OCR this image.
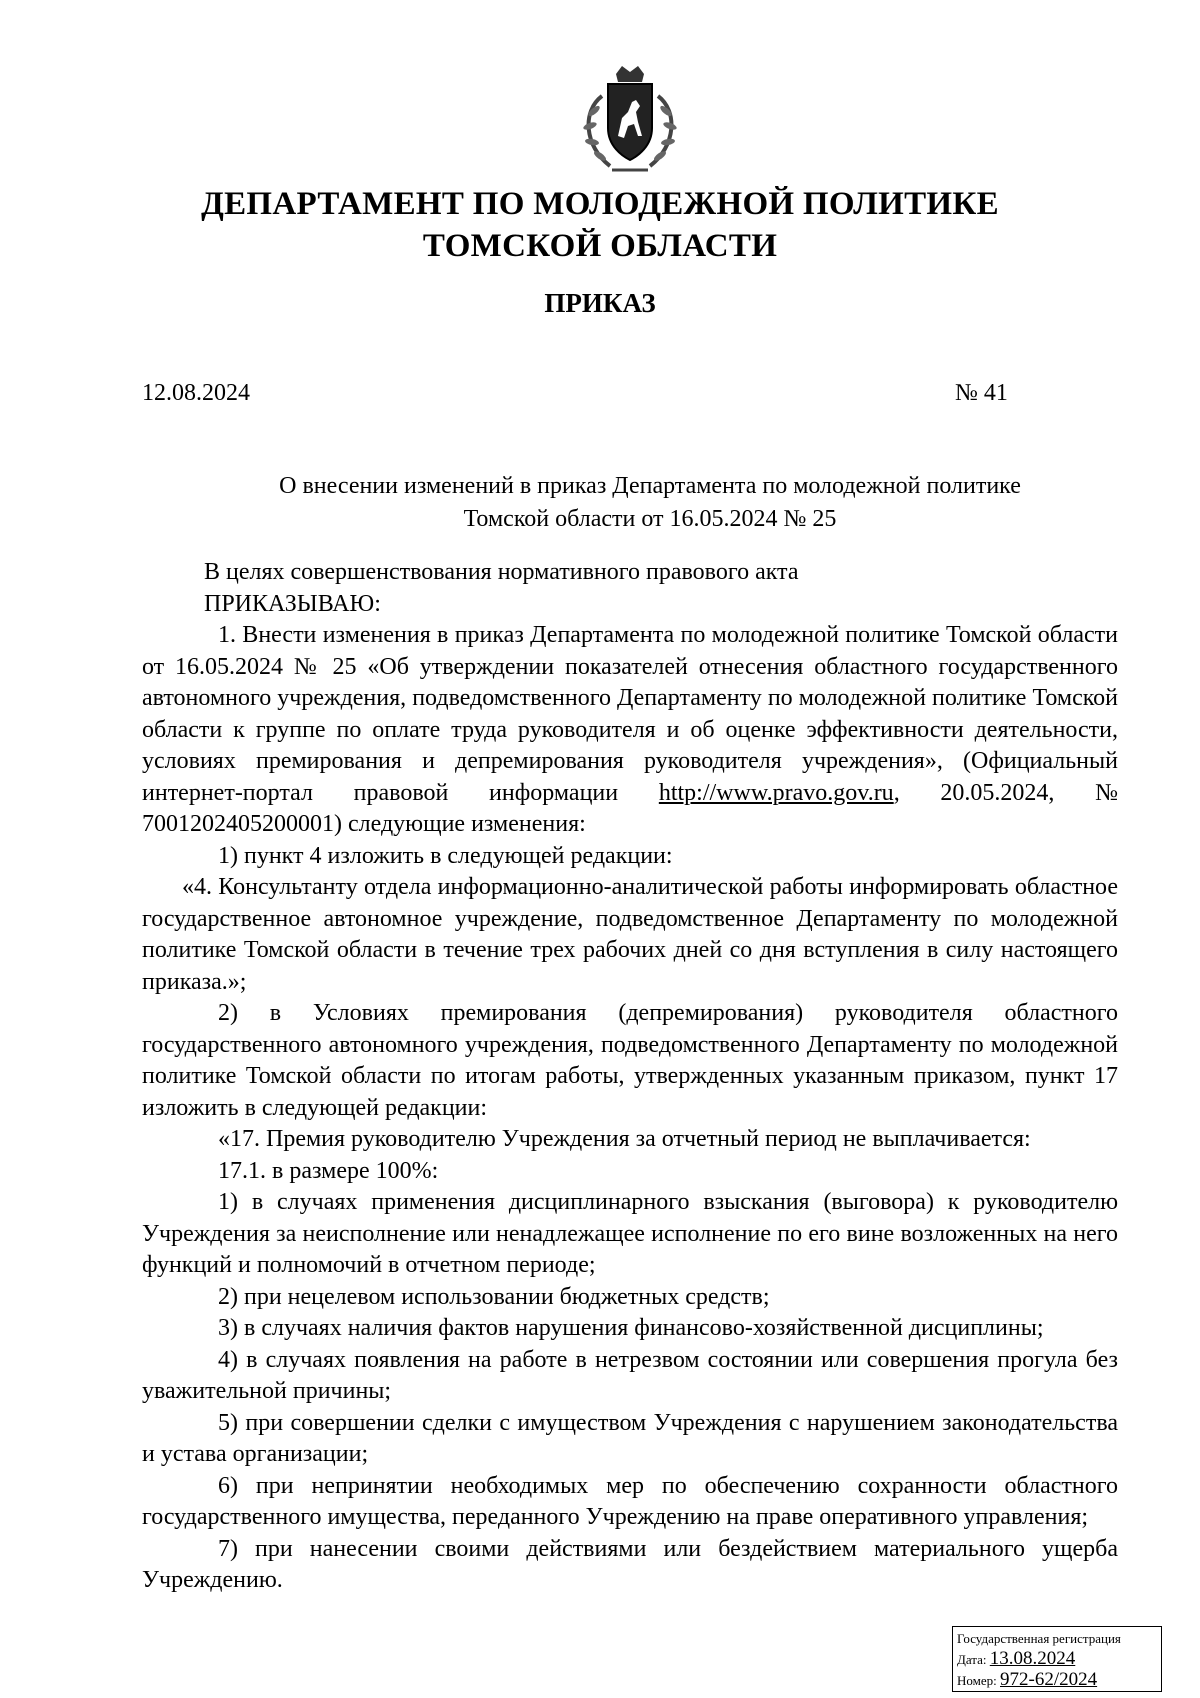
ДЕПАРТАМЕНТ ПО МОЛОДЕЖНОЙ ПОЛИТИКЕ
ТОМСКОЙ ОБЛАСТИ
ПРИКАЗ
12.08.2024	№ 41
О внесении изменений в приказ Департамента по молодежной политике
Томской области от 16.05.2024 № 25

В целях совершенствования нормативного правового акта

ПРИКАЗЫВАЮ:

1. Внести изменения в приказ Департамента по молодежной политике Томской области от 16.05.2024 № 25 «Об утверждении показателей отнесения областного государственного автономного учреждения, подведомственного Департаменту по молодежной политике Томской области к группе по оплате труда руководителя и об оценке эффективности деятельности, условиях премирования и депремирования руководителя учреждения», (Официальный интернет-портал правовой информации http://www.pravo.gov.ru, 20.05.2024, № 7001202405200001) следующие изменения:

1) пункт 4 изложить в следующей редакции:

«4. Консультанту отдела информационно-аналитической работы информировать областное государственное автономное учреждение, подведомственное Департаменту по молодежной политике Томской области в течение трех рабочих дней со дня вступления в силу настоящего приказа.»;

2) в Условиях премирования (депремирования) руководителя областного государственного автономного учреждения, подведомственного Департаменту по молодежной политике Томской области по итогам работы, утвержденных указанным приказом, пункт 17 изложить в следующей редакции:

«17. Премия руководителю Учреждения за отчетный период не выплачивается:

17.1. в размере 100%:

1) в случаях применения дисциплинарного взыскания (выговора) к руководителю Учреждения за неисполнение или ненадлежащее исполнение по его вине возложенных на него функций и полномочий в отчетном периоде;

2) при нецелевом использовании бюджетных средств;

3) в случаях наличия фактов нарушения финансово-хозяйственной дисциплины;

4) в случаях появления на работе в нетрезвом состоянии или совершения прогула без уважительной причины;

5) при совершении сделки с имуществом Учреждения с нарушением законодательства и устава организации;

6) при непринятии необходимых мер по обеспечению сохранности областного государственного имущества, переданного Учреждению на праве оперативного управления;

7) при нанесении своими действиями или бездействием материального ущерба Учреждению.

Государственная регистрация
Дата: 13.08.2024
Номер: 972-62/2024
